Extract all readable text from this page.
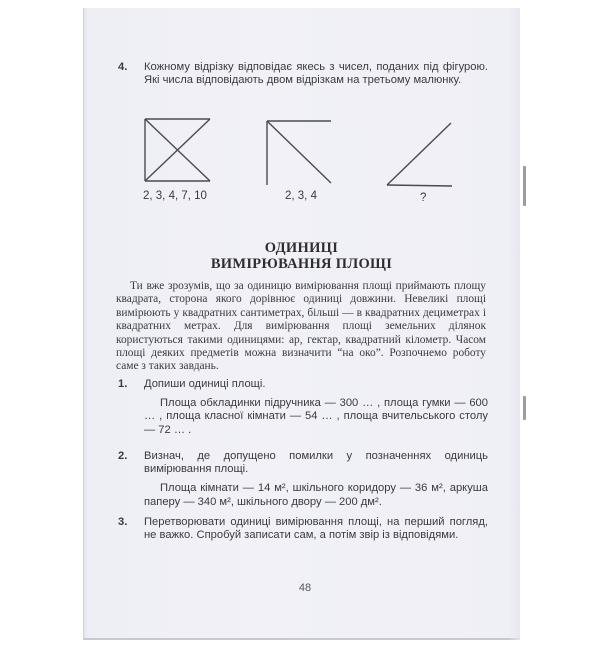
4. Кожному відрізку відповідає якесь з чисел, поданих під фігурою. Які числа відповідають двом відрізкам на третьому малюнку.
2, 3, 4, 7, 10	2, 3, 4	?
ОДИНИЦІ
ВИМІРЮВАННЯ ПЛОЩІ
Ти вже зрозумів, що за одиницю вимірювання площі приймають площу квадрата, сторона якого дорівнює одиниці довжини. Невеликі площі вимірюють у квадратних сантиметрах, більші — в квадратних дециметрах і квадратних метрах. Для вимірювання площі земельних ділянок користуються такими одиницями: ар, гектар, квадратний кілометр. Часом площі деяких предметів можна визначити “на око”. Розпочнемо роботу саме з таких завдань.
1. Допиши одиниці площі.
Площа обкладинки підручника — 300 … , площа гумки — 600 … , площа класної кімнати — 54 … , площа вчительського столу — 72 … .
2. Визнач, де допущено помилки у позначеннях одиниць вимірювання площі.
Площа кімнати — 14 м², шкільного коридору — 36 м², аркуша паперу — 340 м², шкільного двору — 200 дм².
3. Перетворювати одиниці вимірювання площі, на перший погляд, не важко. Спробуй записати сам, а потім звір із відповідями.
48
